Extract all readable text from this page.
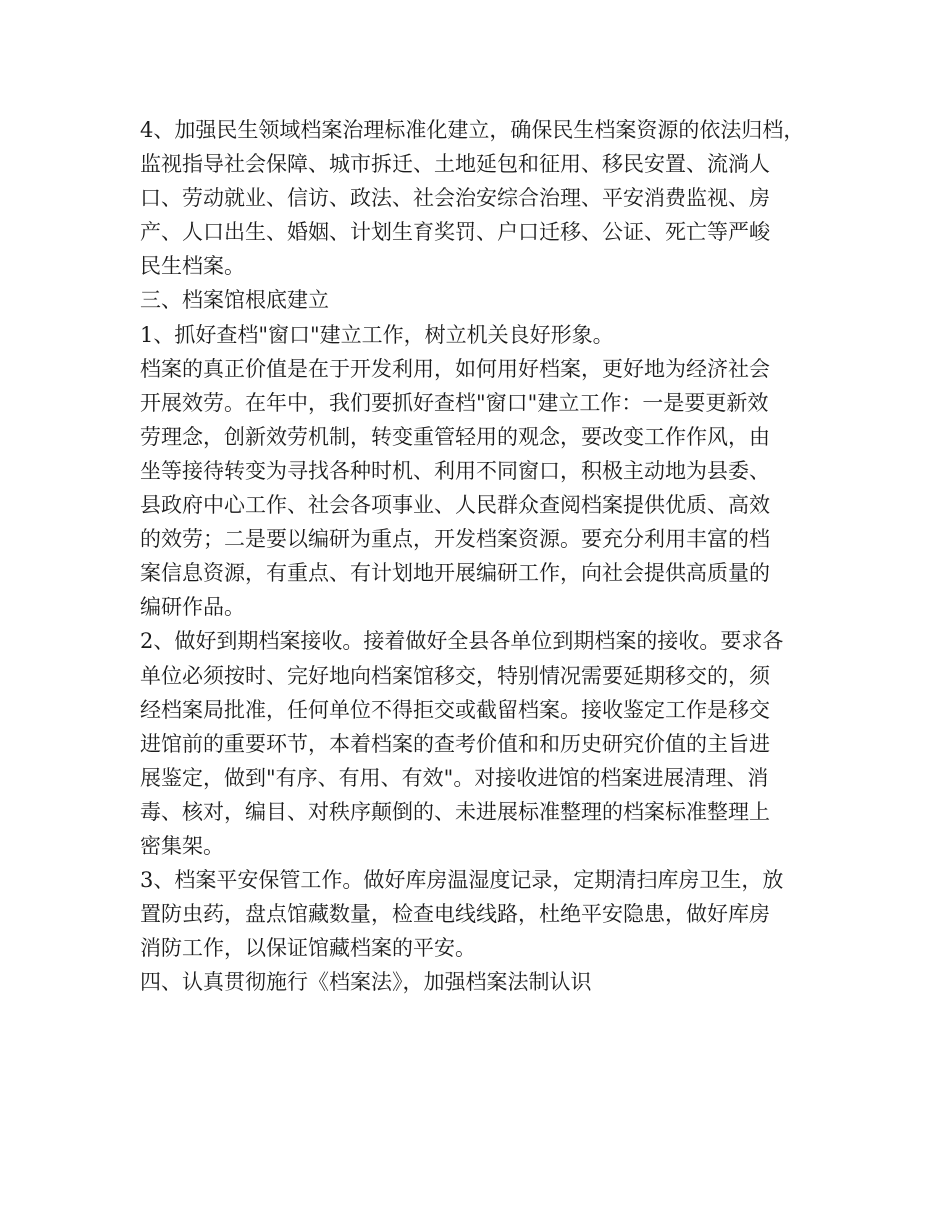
4、加强民生领域档案治理标准化建立，确保民生档案资源的依法归档，
监视指导社会保障、城市拆迁、土地延包和征用、移民安置、流淌人
口、劳动就业、信访、政法、社会治安综合治理、平安消费监视、房
产、人口出生、婚姻、计划生育奖罚、户口迁移、公证、死亡等严峻
民生档案。
三、档案馆根底建立
1、抓好查档"窗口"建立工作，树立机关良好形象。
档案的真正价值是在于开发利用，如何用好档案，更好地为经济社会
开展效劳。在年中，我们要抓好查档"窗口"建立工作：一是要更新效
劳理念，创新效劳机制，转变重管轻用的观念，要改变工作作风，由
坐等接待转变为寻找各种时机、利用不同窗口，积极主动地为县委、
县政府中心工作、社会各项事业、人民群众查阅档案提供优质、高效
的效劳；二是要以编研为重点，开发档案资源。要充分利用丰富的档
案信息资源，有重点、有计划地开展编研工作，向社会提供高质量的
编研作品。
2、做好到期档案接收。接着做好全县各单位到期档案的接收。要求各
单位必须按时、完好地向档案馆移交，特别情况需要延期移交的，须
经档案局批准，任何单位不得拒交或截留档案。接收鉴定工作是移交
进馆前的重要环节，本着档案的查考价值和和历史研究价值的主旨进
展鉴定，做到"有序、有用、有效"。对接收进馆的档案进展清理、消
毒、核对，编目、对秩序颠倒的、未进展标准整理的档案标准整理上
密集架。
3、档案平安保管工作。做好库房温湿度记录，定期清扫库房卫生，放
置防虫药，盘点馆藏数量，检查电线线路，杜绝平安隐患，做好库房
消防工作，以保证馆藏档案的平安。
四、认真贯彻施行《档案法》，加强档案法制认识
